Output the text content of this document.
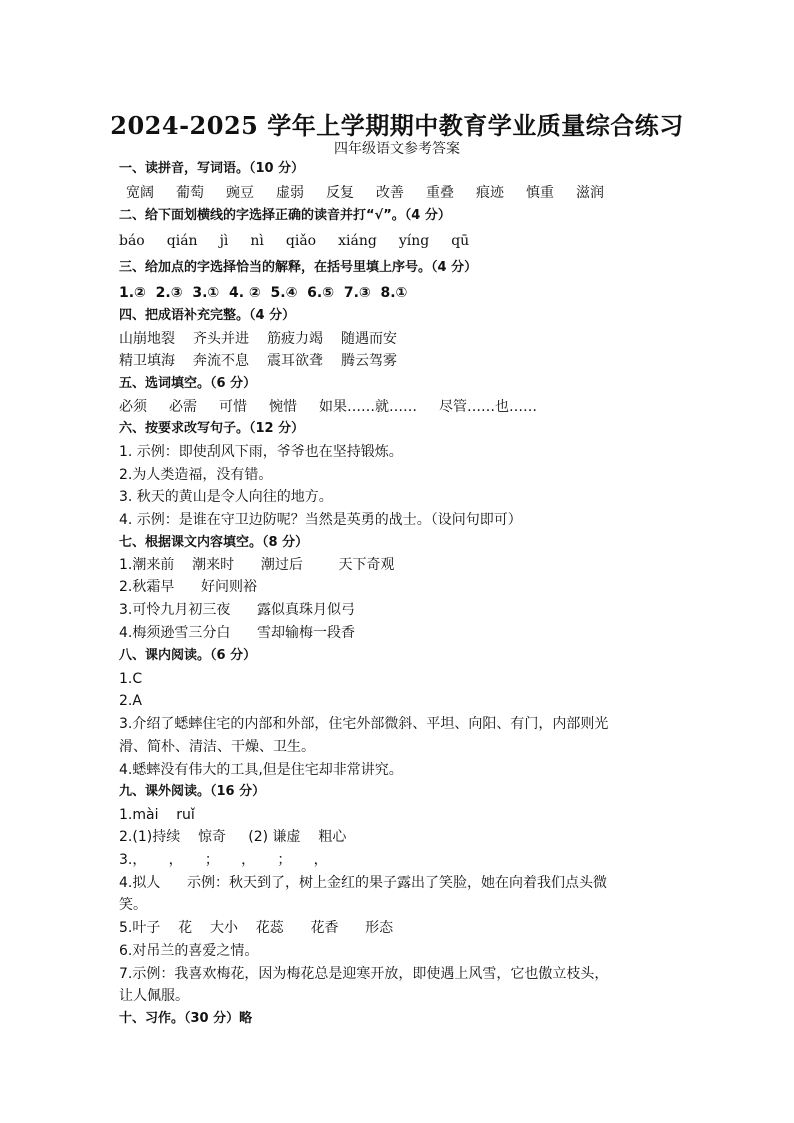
2024-2025 学年上学期期中教育学业质量综合练习
四年级语文参考答案
一、读拼音，写词语。（10 分）
宽阔 葡萄 豌豆 虚弱 反复 改善 重叠 痕迹 慎重 滋润
二、给下面划横线的字选择正确的读音并打“√”。（4 分）
báo qián jì nì qiǎo xiáng yíng qū
三、给加点的字选择恰当的解释，在括号里填上序号。（4 分）
1.②  2.③  3.①  4. ②  5.④  6.⑤  7.③  8.①
四、把成语补充完整。（4 分）
山崩地裂 齐头并进 筋疲力竭 随遇而安
精卫填海 奔流不息 震耳欲聋 腾云驾雾
五、选词填空。（6 分）
必须 必需 可惜 惋惜 如果……就…… 尽管……也……
六、按要求改写句子。（12 分）
1. 示例：即使刮风下雨，爷爷也在坚持锻炼。
2.为人类造福，没有错。
3. 秋天的黄山是令人向往的地方。
4. 示例：是谁在守卫边防呢？当然是英勇的战士。（设问句即可）
七、根据课文内容填空。（8 分）
1.潮来前    潮来时      潮过后        天下奇观
2.秋霜早      好问则裕
3.可怜九月初三夜      露似真珠月似弓
4.梅须逊雪三分白      雪却输梅一段香
八、课内阅读。（6 分）
1.C
2.A
3.介绍了蟋蟀住宅的内部和外部，住宅外部微斜、平坦、向阳、有门，内部则光
滑、简朴、清洁、干燥、卫生。
4.蟋蟀没有伟大的工具,但是住宅却非常讲究。
九、课外阅读。（16 分）
1.mài    ruǐ
2.(1)持续    惊奇     (2) 谦虚    粗心
3.，     ，     ；     ，     ；     ，
4.拟人      示例：秋天到了，树上金红的果子露出了笑脸，她在向着我们点头微
笑。
5.叶子    花    大小    花蕊      花香      形态
6.对吊兰的喜爱之情。
7.示例：我喜欢梅花，因为梅花总是迎寒开放，即使遇上风雪，它也傲立枝头，
让人佩服。
十、习作。（30 分）略
